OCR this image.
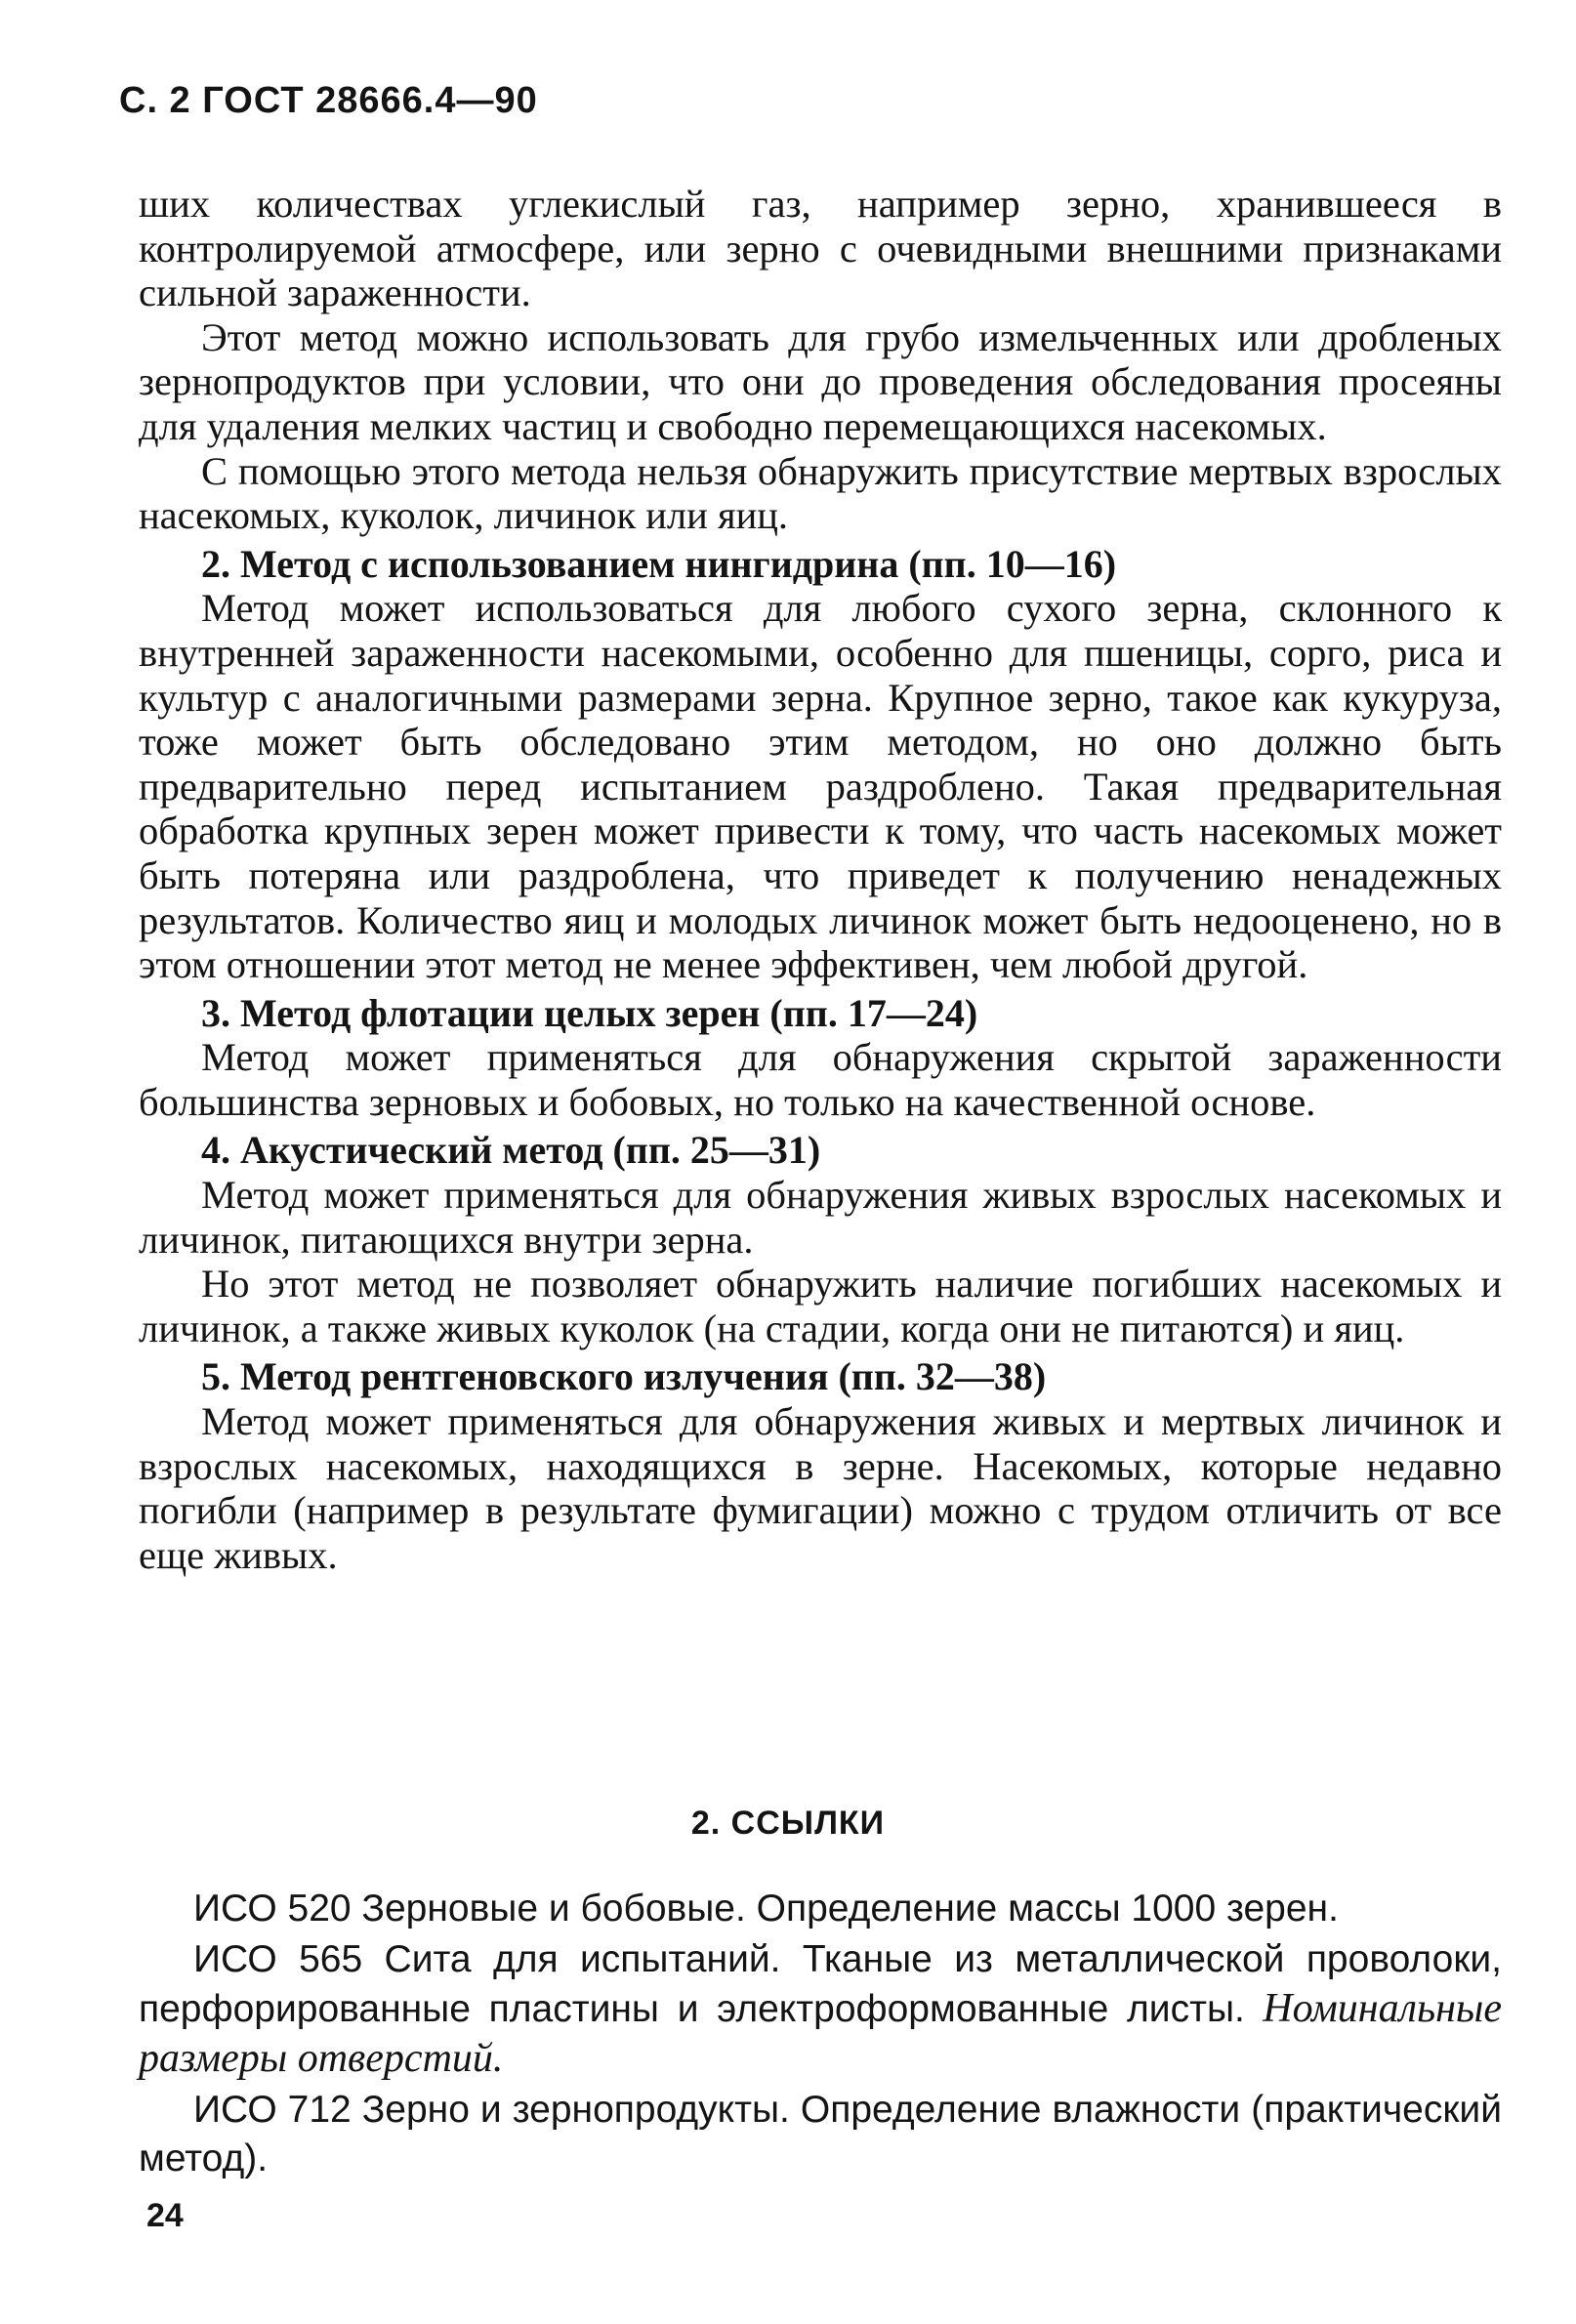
С. 2 ГОСТ 28666.4—90

ших количествах углекислый газ, например зерно, хранившееся в контролируемой атмосфере, или зерно с очевидными внешними признаками сильной зараженности.

Этот метод можно использовать для грубо измельченных или дробленых зернопродуктов при условии, что они до проведения обследования просеяны для удаления мелких частиц и свободно перемещающихся насекомых.

С помощью этого метода нельзя обнаружить присутствие мертвых взрослых насекомых, куколок, личинок или яиц.

2. Метод с использованием нингидрина (пп. 10—16)

Метод может использоваться для любого сухого зерна, склонного к внутренней зараженности насекомыми, особенно для пшеницы, сорго, риса и культур с аналогичными размерами зерна. Крупное зерно, такое как кукуруза, тоже может быть обследовано этим методом, но оно должно быть предварительно перед испытанием раздроблено. Такая предварительная обработка крупных зерен может привести к тому, что часть насекомых может быть потеряна или раздроблена, что приведет к получению ненадежных результатов. Количество яиц и молодых личинок может быть недооценено, но в этом отношении этот метод не менее эффективен, чем любой другой.

3. Метод флотации целых зерен (пп. 17—24)

Метод может применяться для обнаружения скрытой зараженности большинства зерновых и бобовых, но только на качественной основе.

4. Акустический метод (пп. 25—31)

Метод может применяться для обнаружения живых взрослых насекомых и личинок, питающихся внутри зерна.

Но этот метод не позволяет обнаружить наличие погибших насекомых и личинок, а также живых куколок (на стадии, когда они не питаются) и яиц.

5. Метод рентгеновского излучения (пп. 32—38)

Метод может применяться для обнаружения живых и мертвых личинок и взрослых насекомых, находящихся в зерне. Насекомых, которые недавно погибли (например в результате фумигации) можно с трудом отличить от все еще живых.

2. ССЫЛКИ

ИСО 520 Зерновые и бобовые. Определение массы 1000 зерен.

ИСО 565 Сита для испытаний. Тканые из металлической проволоки, перфорированные пластины и электроформованные листы. Номинальные размеры отверстий.

ИСО 712 Зерно и зернопродукты. Определение влажности (практический метод).

24
